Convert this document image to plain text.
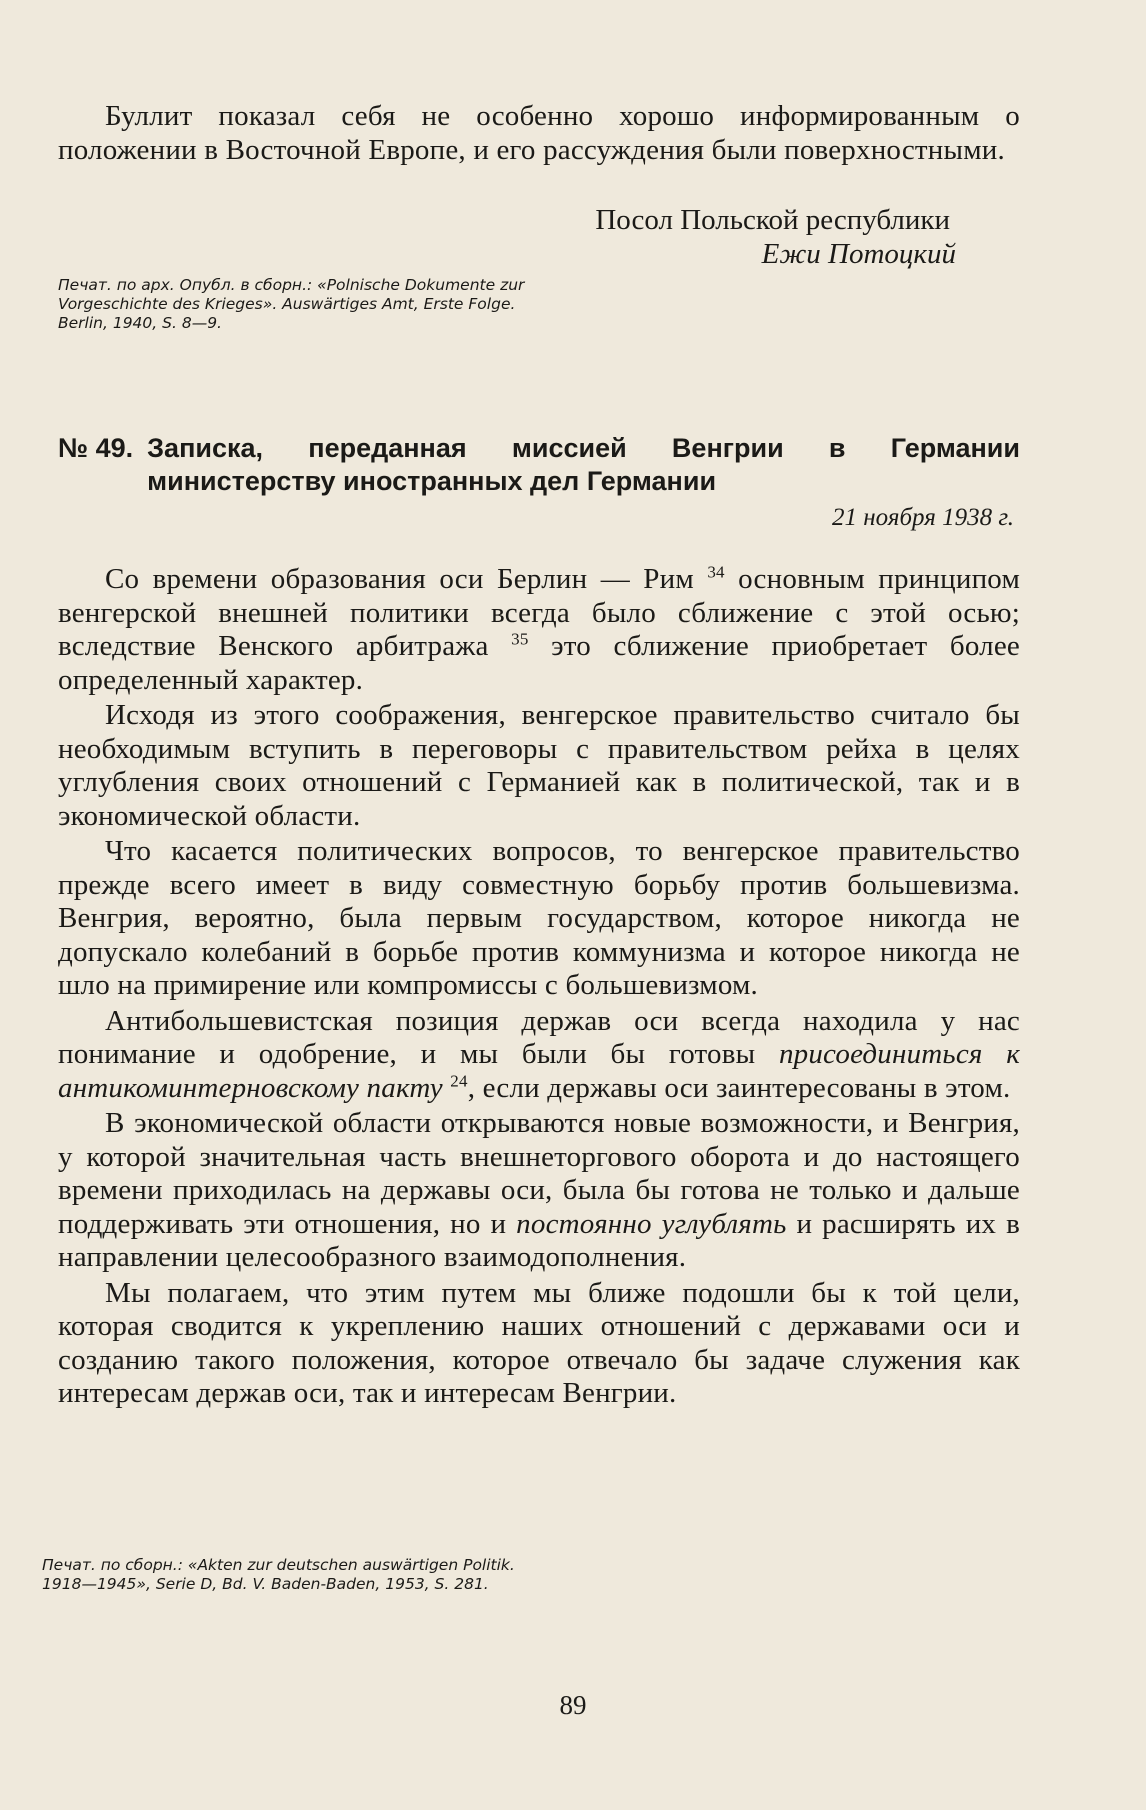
Буллит показал себя не особенно хорошо информированным о положении в Восточной Европе, и его рассуждения были поверхностными.

Посол Польской республики

Ежи Потоцкий

Печат. по арх. Опубл. в сборн.: «Polnische Dokumente zur Vorgeschichte des Krieges». Auswärtiges Amt, Erste Folge. Berlin, 1940, S. 8—9.

№ 49. Записка, переданная миссией Венгрии в Германии министерству иностранных дел Германии

21 ноября 1938 г.

Со времени образования оси Берлин — Рим $^{34}$ основным принципом венгерской внешней политики всегда было сближение с этой осью; вследствие Венского арбитража $^{35}$ это сближение приобретает более определенный характер.

Исходя из этого соображения, венгерское правительство считало бы необходимым вступить в переговоры с правительством рейха в целях углубления своих отношений с Германией как в политической, так и в экономической области.

Что касается политических вопросов, то венгерское правительство прежде всего имеет в виду совместную борьбу против большевизма. Венгрия, вероятно, была первым государством, которое никогда не допускало колебаний в борьбе против коммунизма и которое никогда не шло на примирение или компромиссы с большевизмом.

Антибольшевистская позиция держав оси всегда находила у нас понимание и одобрение, и мы были бы готовы присоединиться к антикоминтерновскому пакту $^{24}$, если державы оси заинтересованы в этом.

В экономической области открываются новые возможности, и Венгрия, у которой значительная часть внешнеторгового оборота и до настоящего времени приходилась на державы оси, была бы готова не только и дальше поддерживать эти отношения, но и постоянно углублять и расширять их в направлении целесообразного взаимодополнения.

Мы полагаем, что этим путем мы ближе подошли бы к той цели, которая сводится к укреплению наших отношений с державами оси и созданию такого положения, которое отвечало бы задаче служения как интересам держав оси, так и интересам Венгрии.

Печат. по сборн.: «Akten zur deutschen auswärtigen Politik. 1918—1945», Serie D, Bd. V. Baden-Baden, 1953, S. 281.

89
